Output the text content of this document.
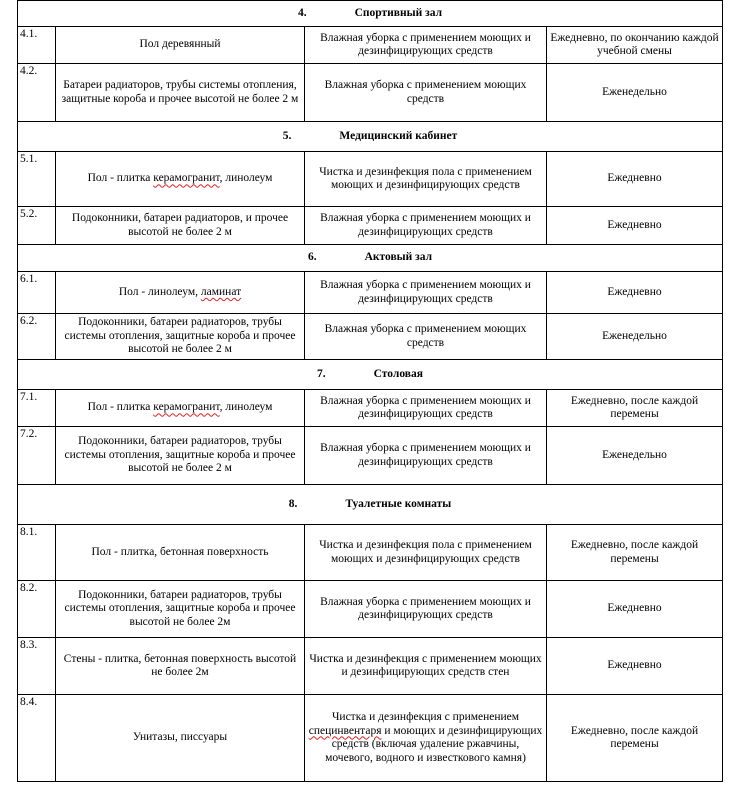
4. Спортивный зал			
4.1.	Пол деревянный	Влажная уборка с применением моющих и дезинфицирующих средств	Ежедневно, по окончанию каждой учебной смены
4.2.	Батареи радиаторов, трубы системы отопления, защитные короба и прочее высотой не более 2 м	Влажная уборка с применением моющих средств	Еженедельно
5. Медицинский кабинет			
5.1.	Пол - плитка керамогранит, линолеум	Чистка и дезинфекция пола с применением моющих и дезинфицирующих средств	Ежедневно
5.2.	Подоконники, батареи радиаторов, и прочее высотой не более 2 м	Влажная уборка с применением моющих и дезинфицирующих средств	Ежедневно
6. Актовый зал			
6.1.	Пол - линолеум, ламинат	Влажная уборка с применением моющих и дезинфицирующих средств	Ежедневно
6.2.	Подоконники, батареи радиаторов, трубы системы отопления, защитные короба и прочее высотой не более 2 м	Влажная уборка с применением моющих средств	Еженедельно
7. Столовая			
7.1.	Пол - плитка керамогранит, линолеум	Влажная уборка с применением моющих и дезинфицирующих средств	Ежедневно, после каждой перемены
7.2.	Подоконники, батареи радиаторов, трубы системы отопления, защитные короба и прочее высотой не более 2 м	Влажная уборка с применением моющих и дезинфицирующих средств	Еженедельно
8. Туалетные комнаты			
8.1.	Пол - плитка, бетонная поверхность	Чистка и дезинфекция пола с применением моющих и дезинфицирующих средств	Ежедневно, после каждой перемены
8.2.	Подоконники, батареи радиаторов, трубы системы отопления, защитные короба и прочее высотой не более 2м	Влажная уборка с применением моющих и дезинфицирующих средств	Ежедневно
8.3.	Стены - плитка, бетонная поверхность высотой не более 2м	Чистка и дезинфекция с применением моющих и дезинфицирующих средств стен	Ежедневно
8.4.	Унитазы, писсуары	Чистка и дезинфекция с применением специнвентаря и моющих и дезинфицирующих средств (включая удаление ржавчины, мочевого, водного и известкового камня)	Ежедневно, после каждой перемены
